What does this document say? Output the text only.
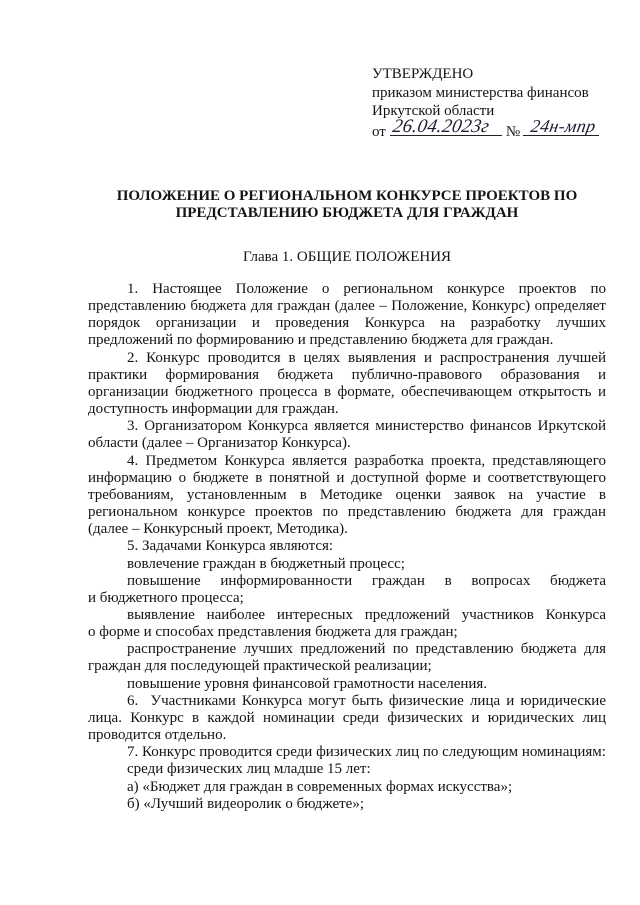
УТВЕРЖДЕНО
приказом министерства финансов
Иркутской области
от 26.04.2023г № 24н-мпр
ПОЛОЖЕНИЕ О РЕГИОНАЛЬНОМ КОНКУРСЕ ПРОЕКТОВ ПО ПРЕДСТАВЛЕНИЮ БЮДЖЕТА ДЛЯ ГРАЖДАН
Глава 1. ОБЩИЕ ПОЛОЖЕНИЯ

1. Настоящее Положение о региональном конкурсе проектов по представлению бюджета для граждан (далее – Положение, Конкурс) определяет порядок организации и проведения Конкурса на разработку лучших предложений по формированию и представлению бюджета для граждан.

2. Конкурс проводится в целях выявления и распространения лучшей практики формирования бюджета публично-правового образования и организации бюджетного процесса в формате, обеспечивающем открытость и доступность информации для граждан.

3. Организатором Конкурса является министерство финансов Иркутской области (далее – Организатор Конкурса).

4. Предметом Конкурса является разработка проекта, представляющего информацию о бюджете в понятной и доступной форме и соответствующего требованиям, установленным в Методике оценки заявок на участие в региональном конкурсе проектов по представлению бюджета для граждан (далее – Конкурсный проект, Методика).

5. Задачами Конкурса являются:

вовлечение граждан в бюджетный процесс;

повышение информированности граждан в вопросах бюджета и бюджетного процесса;

выявление наиболее интересных предложений участников Конкурса о форме и способах представления бюджета для граждан;

распространение лучших предложений по представлению бюджета для граждан для последующей практической реализации;

повышение уровня финансовой грамотности населения.

6.  Участниками Конкурса могут быть физические лица и юридические лица. Конкурс в каждой номинации среди физических и юридических лиц проводится отдельно.

7. Конкурс проводится среди физических лиц по следующим номинациям:

среди физических лиц младше 15 лет:

а) «Бюджет для граждан в современных формах искусства»;

б) «Лучший видеоролик о бюджете»;
